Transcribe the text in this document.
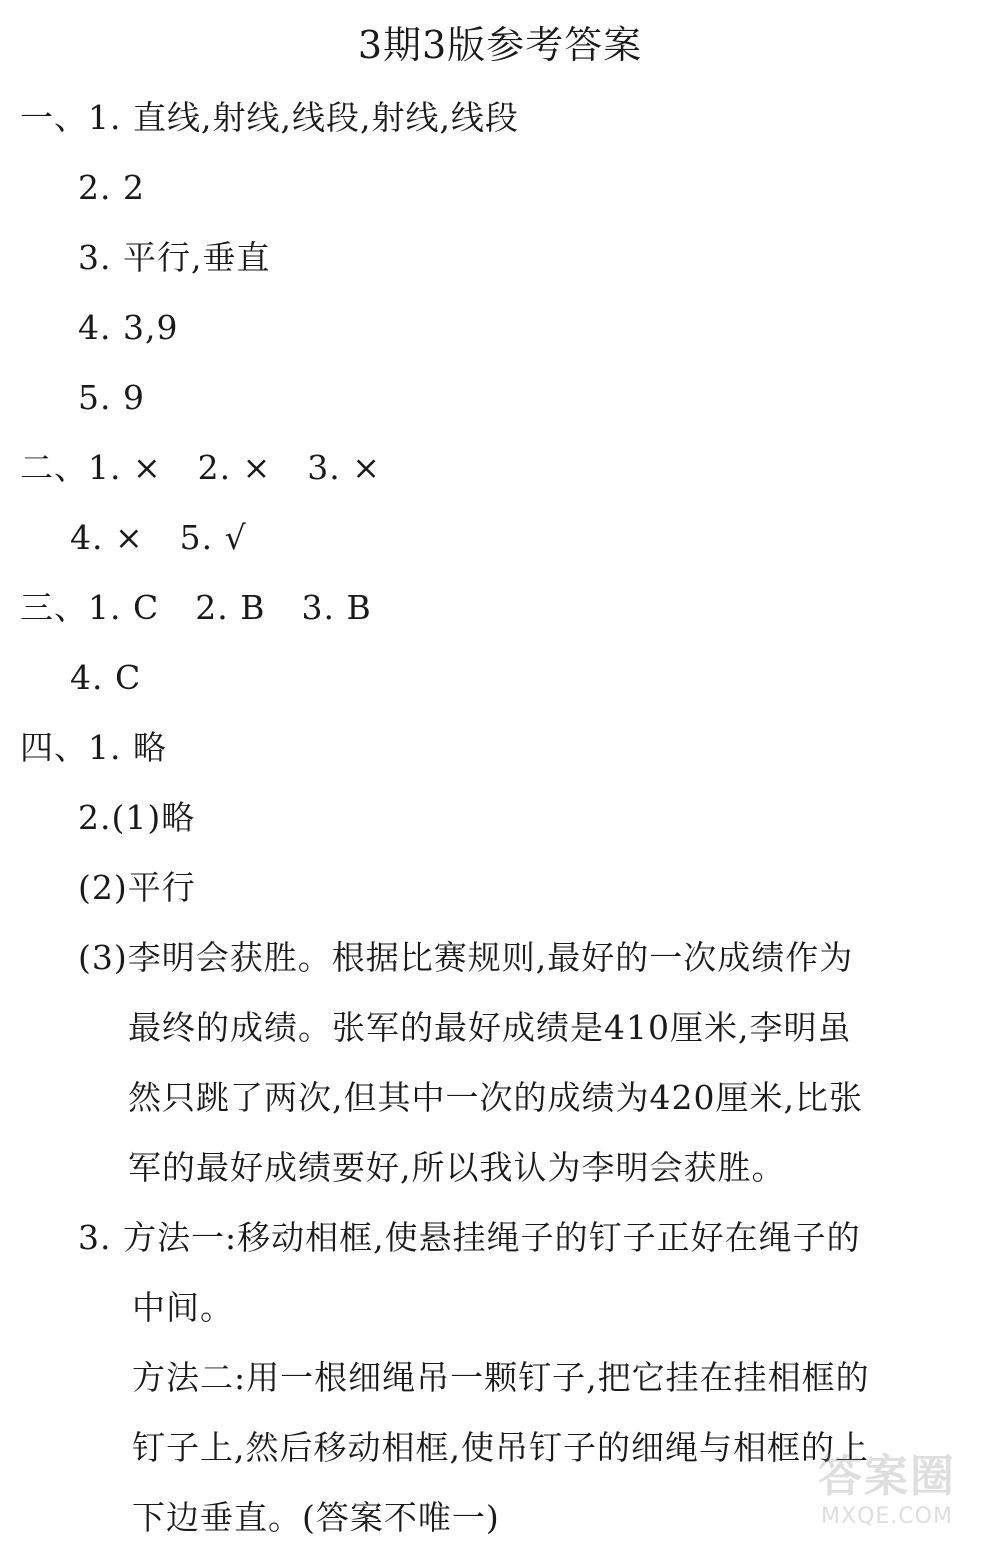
3期3版参考答案
一、1. 直线,射线,线段,射线,线段
2. 2
3. 平行,垂直
4. 3,9
5. 9
二、1. × 2. × 3. ×
4. × 5. √
三、1. C 2. B 3. B
4. C
四、1. 略
2.(1)略
(2)平行
(3)李明会获胜。根据比赛规则,最好的一次成绩作为
最终的成绩。张军的最好成绩是410厘米,李明虽
然只跳了两次,但其中一次的成绩为420厘米,比张
军的最好成绩要好,所以我认为李明会获胜。
3. 方法一:移动相框,使悬挂绳子的钉子正好在绳子的
中间。
方法二:用一根细绳吊一颗钉子,把它挂在挂相框的
钉子上,然后移动相框,使吊钉子的细绳与相框的上
下边垂直。(答案不唯一)
答案圈
MXQE.COM
